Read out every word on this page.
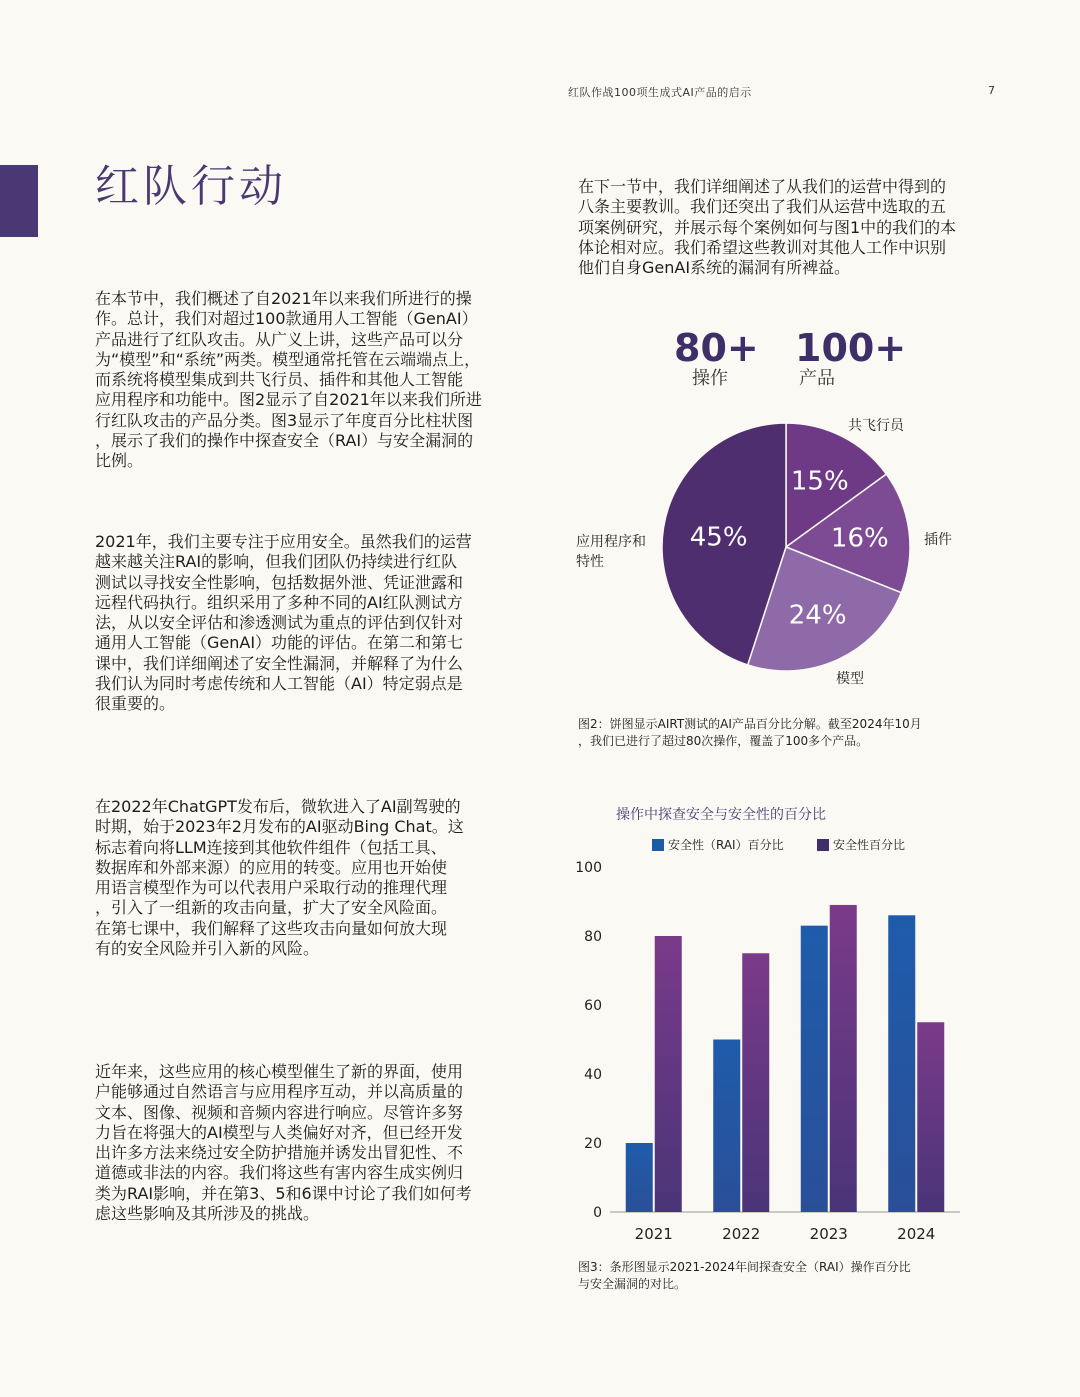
红队作战100项生成式AI产品的启示	7
红队行动
在本节中，我们概述了自2021年以来我们所进行的操
作。总计，我们对超过100款通用人工智能（GenAI）
产品进行了红队攻击。从广义上讲，这些产品可以分
为“模型”和“系统”两类。模型通常托管在云端端点上，
而系统将模型集成到共飞行员、插件和其他人工智能
应用程序和功能中。图2显示了自2021年以来我们所进
行红队攻击的产品分类。图3显示了年度百分比柱状图
，展示了我们的操作中探查安全（RAI）与安全漏洞的
比例。
2021年，我们主要专注于应用安全。虽然我们的运营
越来越关注RAI的影响，但我们团队仍持续进行红队
测试以寻找安全性影响，包括数据外泄、凭证泄露和
远程代码执行。组织采用了多种不同的AI红队测试方
法，从以安全评估和渗透测试为重点的评估到仅针对
通用人工智能（GenAI）功能的评估。在第二和第七
课中，我们详细阐述了安全性漏洞，并解释了为什么
我们认为同时考虑传统和人工智能（AI）特定弱点是
很重要的。
在2022年ChatGPT发布后，微软进入了AI副驾驶的
时期，始于2023年2月发布的AI驱动Bing Chat。这
标志着向将LLM连接到其他软件组件（包括工具、
数据库和外部来源）的应用的转变。应用也开始使
用语言模型作为可以代表用户采取行动的推理代理
，引入了一组新的攻击向量，扩大了安全风险面。
在第七课中，我们解释了这些攻击向量如何放大现
有的安全风险并引入新的风险。
近年来，这些应用的核心模型催生了新的界面，使用
户能够通过自然语言与应用程序互动，并以高质量的
文本、图像、视频和音频内容进行响应。尽管许多努
力旨在将强大的AI模型与人类偏好对齐，但已经开发
出许多方法来绕过安全防护措施并诱发出冒犯性、不
道德或非法的内容。我们将这些有害内容生成实例归
类为RAI影响，并在第3、5和6课中讨论了我们如何考
虑这些影响及其所涉及的挑战。
在下一节中，我们详细阐述了从我们的运营中得到的
八条主要教训。我们还突出了我们从运营中选取的五
项案例研究，并展示每个案例如何与图1中的我们的本
体论相对应。我们希望这些教训对其他人工作中识别
他们自身GenAI系统的漏洞有所裨益。
80+
操作
100+
产品
15%
16%
24%
45%
共飞行员
插件
模型
应用程序和
特性
图2：饼图显示AIRT测试的AI产品百分比分解。截至2024年10月
，我们已进行了超过80次操作，覆盖了100多个产品。
操作中探查安全与安全性的百分比
安全性（RAI）百分比	安全性百分比
0
20
40
60
80
100
2021	2022	2023	2024
图3：条形图显示2021-2024年间探查安全（RAI）操作百分比
与安全漏洞的对比。
